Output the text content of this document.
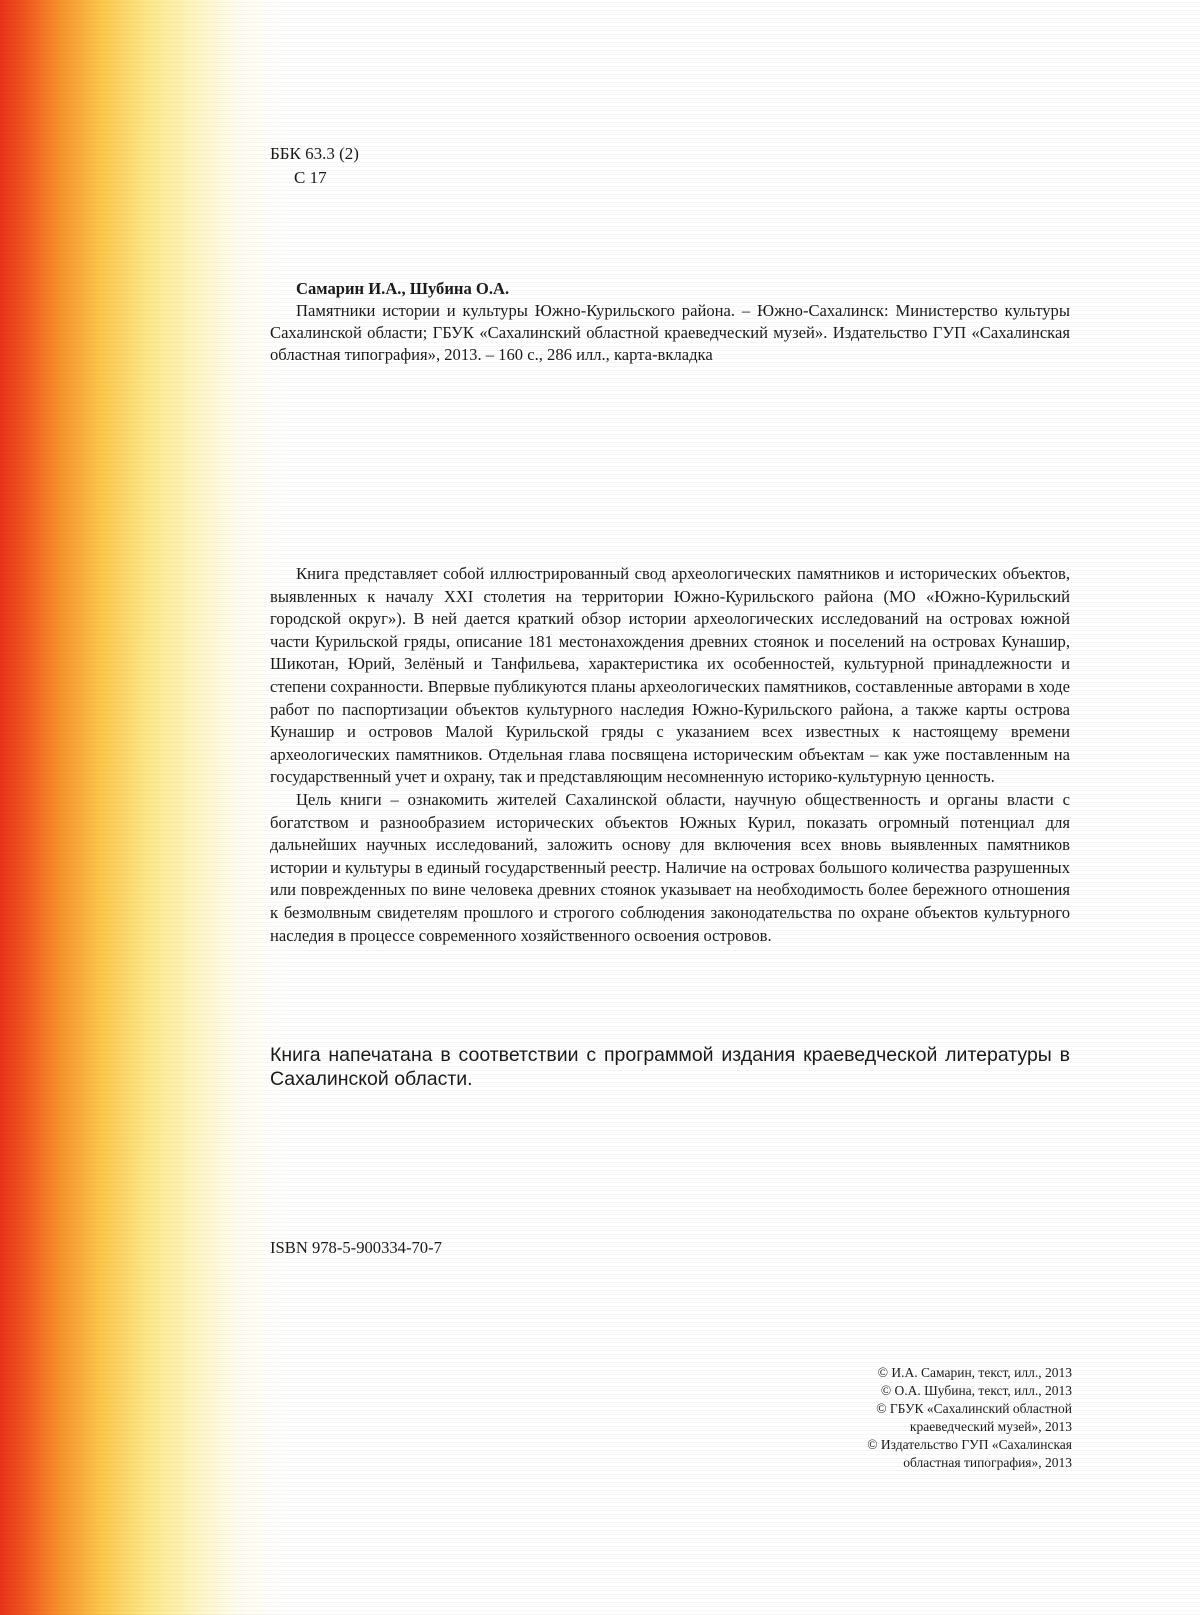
ББК 63.3 (2)
С 17
Самарин И.А., Шубина О.А.

Памятники истории и культуры Южно-Курильского района. – Южно-Сахалинск: Министерство культуры Сахалинской области; ГБУК «Сахалинский областной краеведческий музей». Издательство ГУП «Сахалинская областная типография», 2013. – 160 с., 286 илл., карта-вкладка

Книга представляет собой иллюстрированный свод археологических памятников и исторических объектов, выявленных к началу XXI столетия на территории Южно-Курильского района (МО «Южно-Курильский городской округ»). В ней дается краткий обзор истории археологических исследований на островах южной части Курильской гряды, описание 181 местонахождения древних стоянок и поселений на островах Кунашир, Шикотан, Юрий, Зелёный и Танфильева, характеристика их особенностей, культурной принадлежности и степени сохранности. Впервые публикуются планы археологических памятников, составленные авторами в ходе работ по паспортизации объектов культурного наследия Южно-Курильского района, а также карты острова Кунашир и островов Малой Курильской гряды с указанием всех известных к настоящему времени археологических памятников. Отдельная глава посвящена историческим объектам – как уже поставленным на государственный учет и охрану, так и представляющим несомненную историко-культурную ценность.

Цель книги – ознакомить жителей Сахалинской области, научную общественность и органы власти с богатством и разнообразием исторических объектов Южных Курил, показать огромный потенциал для дальнейших научных исследований, заложить основу для включения всех вновь выявленных памятников истории и культуры в единый государственный реестр. Наличие на островах большого количества разрушенных или поврежденных по вине человека древних стоянок указывает на необходимость более бережного отношения к безмолвным свидетелям прошлого и строгого соблюдения законодательства по охране объектов культурного наследия в процессе современного хозяйственного освоения островов.

Книга напечатана в соответствии с программой издания краеведческой литературы в Сахалинской области.

ISBN 978-5-900334-70-7
© И.А. Самарин, текст, илл., 2013
© О.А. Шубина, текст, илл., 2013
© ГБУК «Сахалинский областной
краеведческий музей», 2013
© Издательство ГУП «Сахалинская
областная типография», 2013
